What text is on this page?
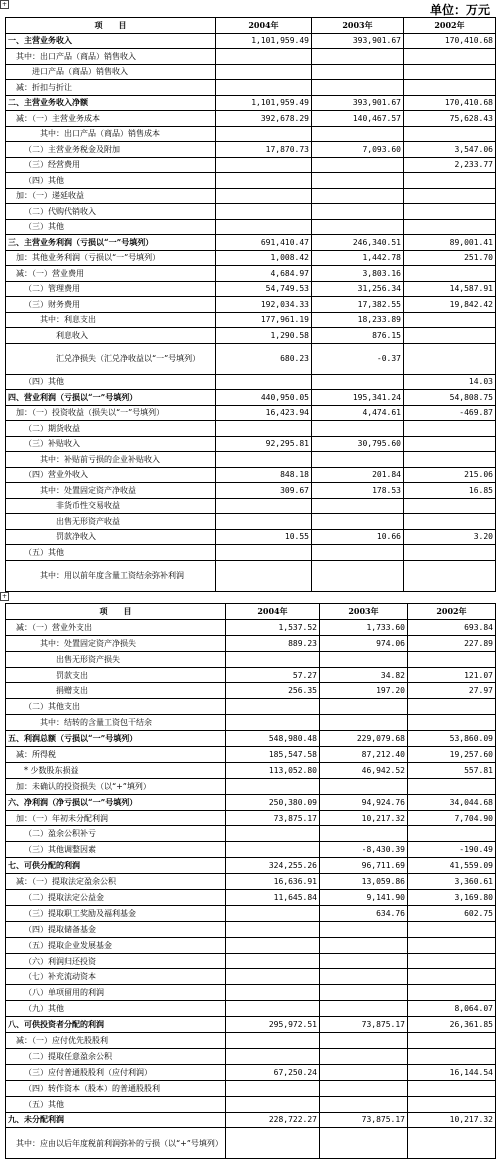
单位：万元
+
+
项　　目	2004年	2003年	2002年
一、主营业务收入	1,101,959.49	393,901.67	170,410.68
其中：出口产品（商品）销售收入			
进口产品（商品）销售收入			
减：折扣与折让			
二、主营业务收入净额	1,101,959.49	393,901.67	170,410.68
减：（一）主营业务成本	392,678.29	140,467.57	75,628.43
其中：出口产品（商品）销售成本			
（二）主营业务税金及附加	17,870.73	7,093.60	3,547.06
（三）经营费用			2,233.77
（四）其他			
加：（一）递延收益			
（二）代购代销收入			
（三）其他			
三、主营业务利润（亏损以“一”号填列）	691,410.47	246,340.51	89,001.41
加：其他业务利润（亏损以“一”号填列）	1,008.42	1,442.78	251.70
减：（一）营业费用	4,684.97	3,803.16	
（二）管理费用	54,749.53	31,256.34	14,587.91
（三）财务费用	192,034.33	17,382.55	19,842.42
其中：利息支出	177,961.19	18,233.89	
利息收入	1,290.58	876.15	
汇兑净损失（汇兑净收益以“一”号填列）	680.23	-0.37	
（四）其他			14.03
四、营业利润（亏损以“一”号填列）	440,950.05	195,341.24	54,808.75
加：（一）投资收益（损失以“一”号填列）	16,423.94	4,474.61	-469.87
（二）期货收益			
（三）补贴收入	92,295.81	30,795.60	
其中：补贴前亏损的企业补贴收入			
（四）营业外收入	848.18	201.84	215.06
其中：处置固定资产净收益	309.67	178.53	16.85
非货币性交易收益			
出售无形资产收益			
罚款净收入	10.55	10.66	3.20
（五）其他			
其中：用以前年度含量工资结余弥补利润			
项　　目	2004年	2003年	2002年
减：（一）营业外支出	1,537.52	1,733.60	693.84
其中：处置固定资产净损失	889.23	974.06	227.89
出售无形资产损失			
罚款支出	57.27	34.82	121.07
捐赠支出	256.35	197.20	27.97
（二）其他支出			
其中：结转的含量工资包干结余			
五、利润总额（亏损以“一”号填列）	548,980.48	229,079.68	53,860.09
减：所得税	185,547.58	87,212.40	19,257.60
* 少数股东损益	113,052.80	46,942.52	557.81
加：未确认的投资损失（以“+”填列）			
六、净利润（净亏损以“一”号填列）	250,380.09	94,924.76	34,044.68
加：（一）年初未分配利润	73,875.17	10,217.32	7,704.90
（二）盈余公积补亏			
（三）其他调整因素		-8,430.39	-190.49
七、可供分配的利润	324,255.26	96,711.69	41,559.09
减：（一）提取法定盈余公积	16,636.91	13,059.86	3,360.61
（二）提取法定公益金	11,645.84	9,141.90	3,169.80
（三）提取职工奖励及福利基金		634.76	602.75
（四）提取储备基金			
（五）提取企业发展基金			
（六）利润归还投资			
（七）补充流动资本			
（八）单项留用的利润			
（九）其他			8,064.07
八、可供投资者分配的利润	295,972.51	73,875.17	26,361.85
减：（一）应付优先股股利			
（二）提取任意盈余公积			
（三）应付普通股股利（应付利润）	67,250.24		16,144.54
（四）转作资本（股本）的普通股股利			
（五）其他			
九、未分配利润	228,722.27	73,875.17	10,217.32
其中：应由以后年度税前利润弥补的亏损（以“+”号填列）			
